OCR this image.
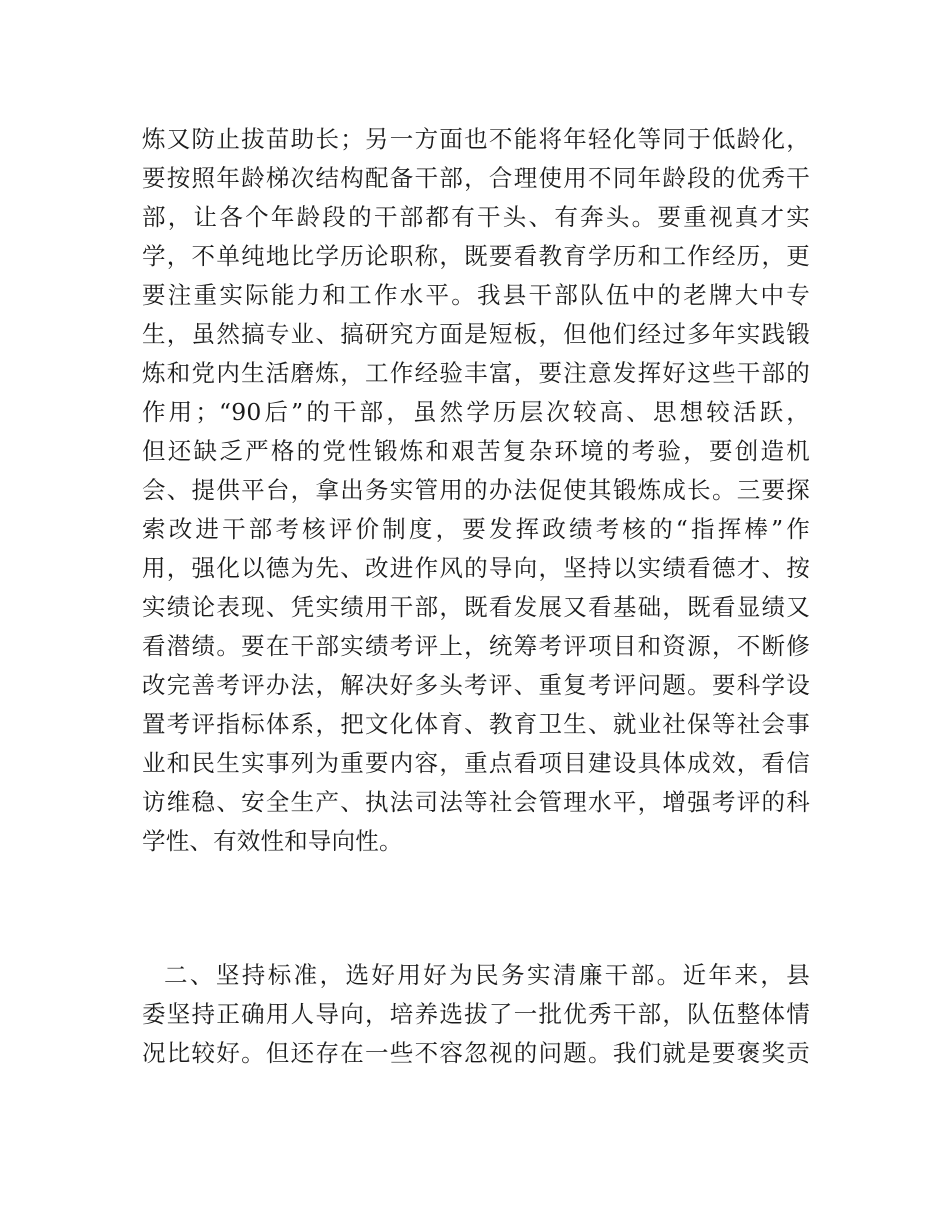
炼又防止拔苗助长；另一方面也不能将年轻化等同于低龄化，
要按照年龄梯次结构配备干部，合理使用不同年龄段的优秀干
部，让各个年龄段的干部都有干头、有奔头。要重视真才实
学，不单纯地比学历论职称，既要看教育学历和工作经历，更
要注重实际能力和工作水平。我县干部队伍中的老牌大中专
生，虽然搞专业、搞研究方面是短板，但他们经过多年实践锻
炼和党内生活磨炼，工作经验丰富，要注意发挥好这些干部的
作用；“90后”的干部，虽然学历层次较高、思想较活跃，
但还缺乏严格的党性锻炼和艰苦复杂环境的考验，要创造机
会、提供平台，拿出务实管用的办法促使其锻炼成长。三要探
索改进干部考核评价制度，要发挥政绩考核的“指挥棒”作
用，强化以德为先、改进作风的导向，坚持以实绩看德才、按
实绩论表现、凭实绩用干部，既看发展又看基础，既看显绩又
看潜绩。要在干部实绩考评上，统筹考评项目和资源，不断修
改完善考评办法，解决好多头考评、重复考评问题。要科学设
置考评指标体系，把文化体育、教育卫生、就业社保等社会事
业和民生实事列为重要内容，重点看项目建设具体成效，看信
访维稳、安全生产、执法司法等社会管理水平，增强考评的科
学性、有效性和导向性。
二、坚持标准，选好用好为民务实清廉干部。近年来，县
委坚持正确用人导向，培养选拔了一批优秀干部，队伍整体情
况比较好。但还存在一些不容忽视的问题。我们就是要褒奖贡
